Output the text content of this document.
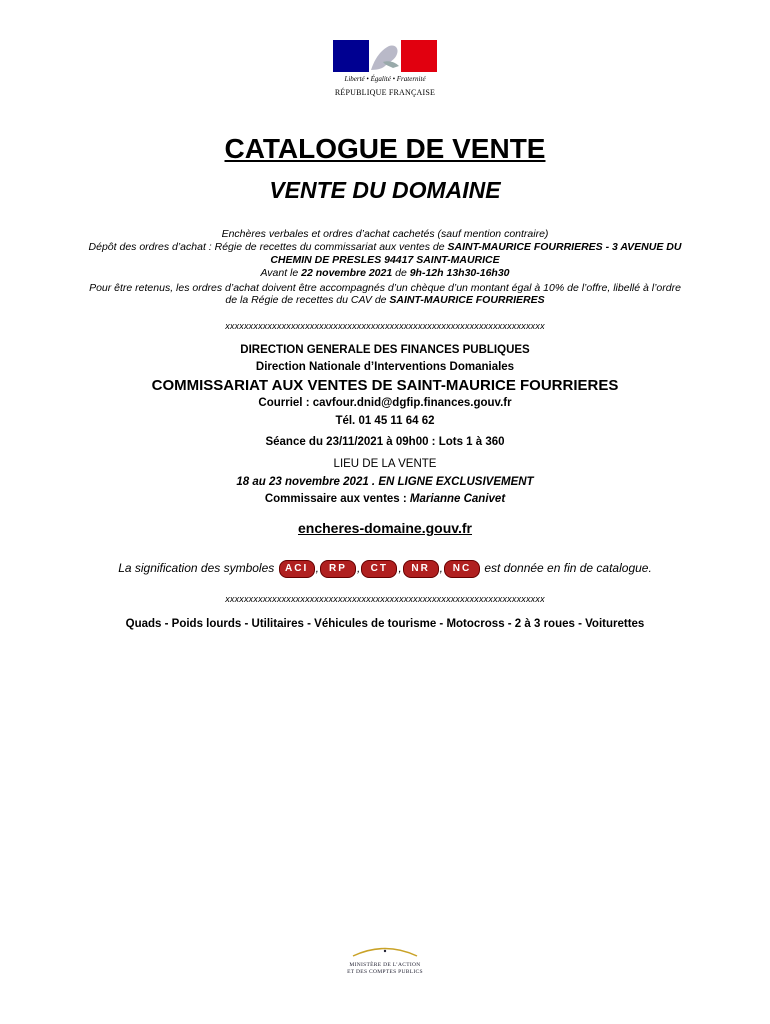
Liberté • Égalité • Fraternité
RÉPUBLIQUE FRANÇAISE
CATALOGUE DE VENTE
VENTE DU DOMAINE
Enchères verbales et ordres d’achat cachetés (sauf mention contraire)
Dépôt des ordres d’achat : Régie de recettes du commissariat aux ventes de SAINT-MAURICE FOURRIERES - 3 AVENUE DU
CHEMIN DE PRESLES 94417 SAINT-MAURICE
Avant le 22 novembre 2021 de 9h-12h 13h30-16h30
Pour être retenus, les ordres d’achat doivent être accompagnés d’un chèque d’un montant égal à 10% de l’offre, libellé à l’ordre
de la Régie de recettes du CAV de SAINT-MAURICE FOURRIERES
xxxxxxxxxxxxxxxxxxxxxxxxxxxxxxxxxxxxxxxxxxxxxxxxxxxxxxxxxxxxxxxxxxxx
DIRECTION GENERALE DES FINANCES PUBLIQUES
Direction Nationale d’Interventions Domaniales
COMMISSARIAT AUX VENTES DE SAINT-MAURICE FOURRIERES
Courriel : cavfour.dnid@dgfip.finances.gouv.fr
Tél. 01 45 11 64 62
Séance du 23/11/2021 à 09h00 : Lots 1 à 360
LIEU DE LA VENTE
18 au 23 novembre 2021 . EN LIGNE EXCLUSIVEMENT
Commissaire aux ventes : Marianne Canivet
encheres-domaine.gouv.fr
La signification des symboles ACI , RP , CT , NR , NC est donnée en fin de catalogue.
xxxxxxxxxxxxxxxxxxxxxxxxxxxxxxxxxxxxxxxxxxxxxxxxxxxxxxxxxxxxxxxxxxxx
Quads - Poids lourds - Utilitaires - Véhicules de tourisme - Motocross - 2 à 3 roues - Voiturettes
MINISTÈRE DE L’ACTION
ET DES COMPTES PUBLICS
